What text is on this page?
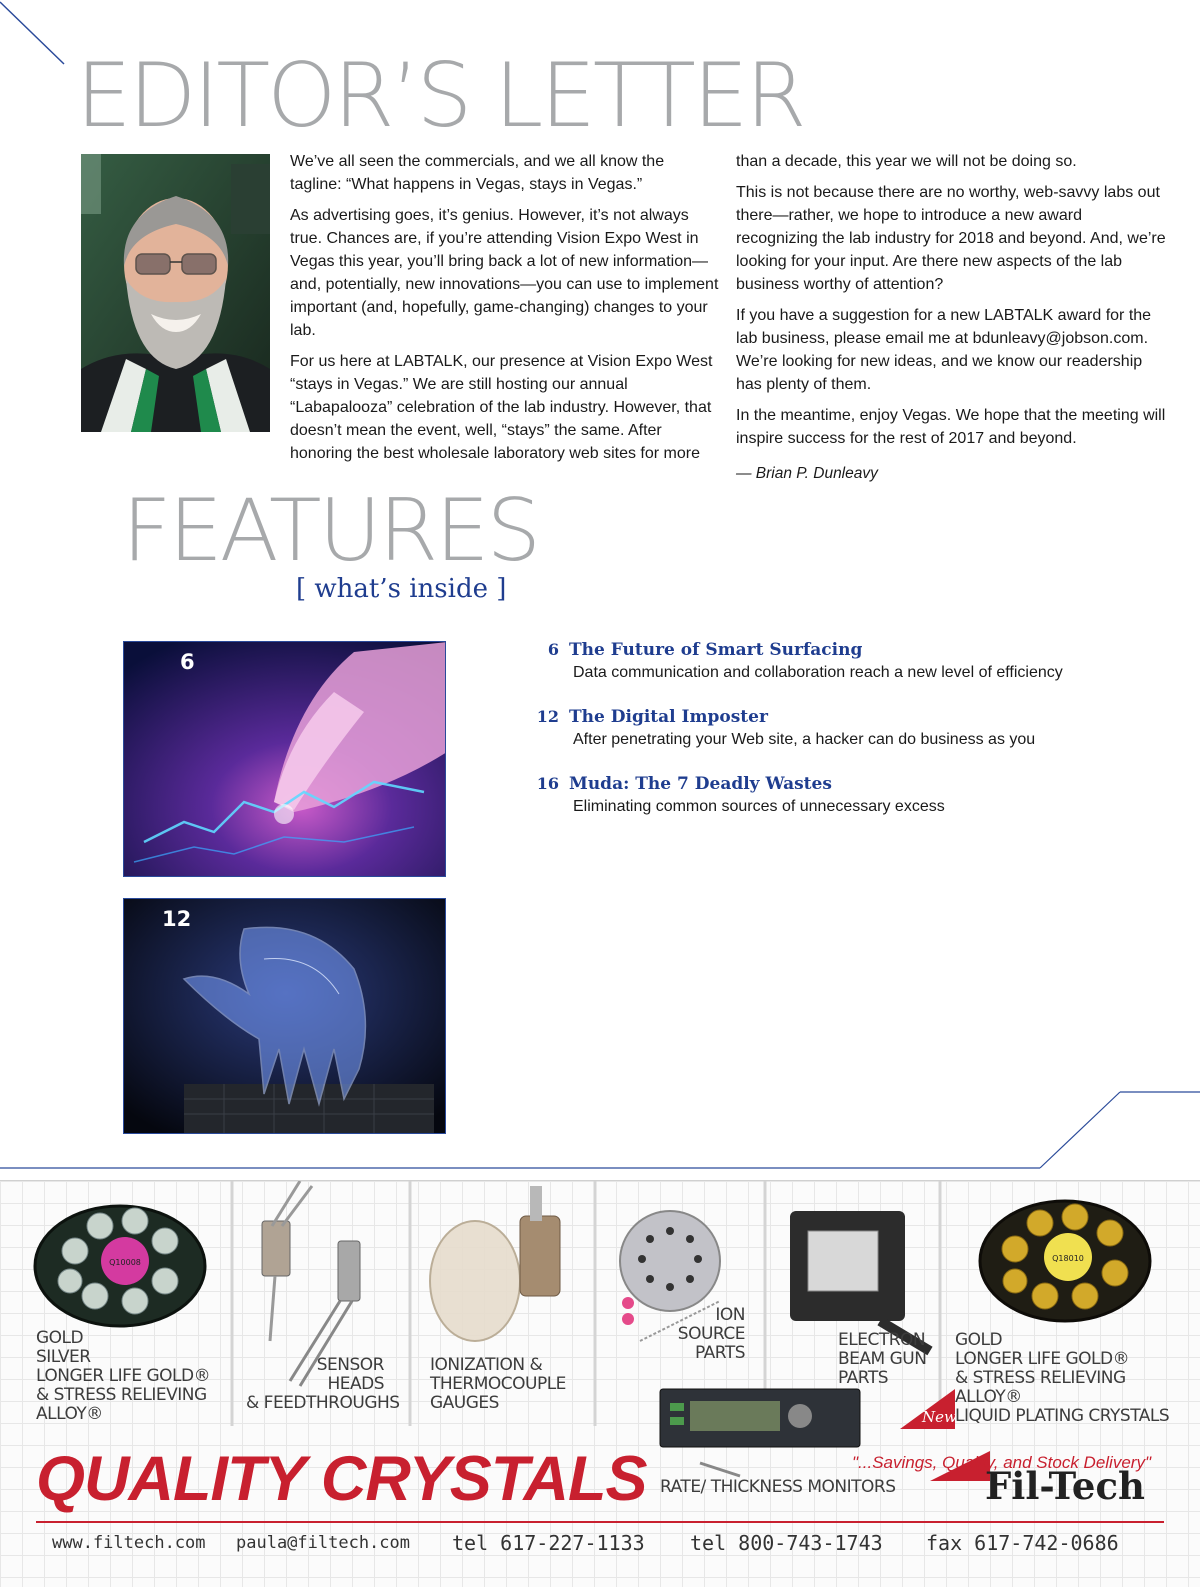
EDITOR’S LETTER

We’ve all seen the commercials, and we all know the tagline: “What happens in Vegas, stays in Vegas.”

As advertising goes, it’s genius. However, it’s not always true. Chances are, if you’re attending Vision Expo West in Vegas this year, you’ll bring back a lot of new information—and, potentially, new innovations—you can use to implement important (and, hopefully, game-changing) changes to your lab.

For us here at LABTALK, our presence at Vision Expo West “stays in Vegas.” We are still hosting our annual “Labapalooza” celebration of the lab industry. However, that doesn’t mean the event, well, “stays” the same. After honoring the best wholesale laboratory web sites for more

than a decade, this year we will not be doing so.

This is not because there are no worthy, web-savvy labs out there—rather, we hope to introduce a new award recognizing the lab industry for 2018 and beyond. And, we’re looking for your input. Are there new aspects of the lab business worthy of attention?

If you have a suggestion for a new LABTALK award for the lab business, please email me at bdunleavy@jobson.com. We’re looking for new ideas, and we know our readership has plenty of them.

In the meantime, enjoy Vegas. We hope that the meeting will inspire success for the rest of 2017 and beyond.

— Brian P. Dunleavy

FEATURES
[ what’s inside ]
6
12
6 The Future of Smart Surfacing
Data communication and collaboration reach a new level of efficiency
12 The Digital Imposter
After penetrating your Web site, a hacker can do business as you
16 Muda: The 7 Deadly Wastes
Eliminating common sources of unnecessary excess
Q10008	Q18010
GOLD
SILVER
LONGER LIFE GOLD®
& STRESS RELIEVING
ALLOY®
SENSOR
HEADS
& FEEDTHROUGHS
IONIZATION &
THERMOCOUPLE
GAUGES
ION
SOURCE
PARTS
ELECTRON
BEAM GUN
PARTS
GOLD
LONGER LIFE GOLD®
& STRESS RELIEVING
ALLOY®
LIQUID PLATING CRYSTALS
RATE/ THICKNESS MONITORS
New
"...Savings, Quality, and Stock Delivery"
QUALITY CRYSTALS	Fil-Tech
www.filtech.com paula@filtech.com tel 617-227-1133 tel 800-743-1743 fax 617-742-0686
